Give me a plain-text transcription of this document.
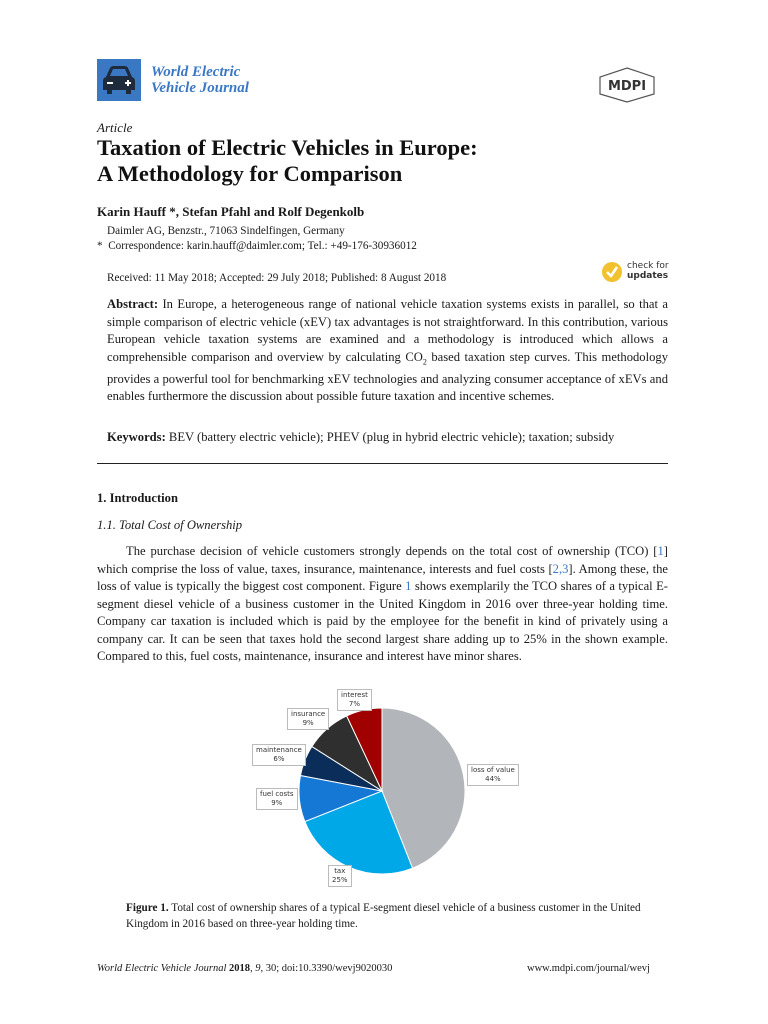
World Electric
Vehicle Journal	MDPI
Article
Taxation of Electric Vehicles in Europe:
A Methodology for Comparison
Karin Hauff *, Stefan Pfahl and Rolf Degenkolb
Daimler AG, Benzstr., 71063 Sindelfingen, Germany
* Correspondence: karin.hauff@daimler.com; Tel.: +49-176-30936012
Received: 11 May 2018; Accepted: 29 July 2018; Published: 8 August 2018
check for
updates
Abstract: In Europe, a heterogeneous range of national vehicle taxation systems exists in parallel, so that a simple comparison of electric vehicle (xEV) tax advantages is not straightforward. In this contribution, various European vehicle taxation systems are examined and a methodology is introduced which allows a comprehensible comparison and overview by calculating $CO_2$ based taxation step curves. This methodology provides a powerful tool for benchmarking xEV technologies and analyzing consumer acceptance of xEVs and enables furthermore the discussion about possible future taxation and incentive schemes.
Keywords: BEV (battery electric vehicle); PHEV (plug in hybrid electric vehicle); taxation; subsidy
1. Introduction
1.1. Total Cost of Ownership
The purchase decision of vehicle customers strongly depends on the total cost of ownership (TCO) [1] which comprise the loss of value, taxes, insurance, maintenance, interests and fuel costs [2,3]. Among these, the loss of value is typically the biggest cost component. Figure 1 shows exemplarily the TCO shares of a typical E-segment diesel vehicle of a business customer in the United Kingdom in 2016 over three-year holding time. Company car taxation is included which is paid by the employee for the benefit in kind of privately using a company car. It can be seen that taxes hold the second largest share adding up to 25% in the shown example. Compared to this, fuel costs, maintenance, insurance and interest have minor shares.
interest
7%
insurance
9%
maintenance
6%
fuel costs
9%
loss of value
44%
tax
25%
Figure 1. Total cost of ownership shares of a typical E-segment diesel vehicle of a business customer in the United Kingdom in 2016 based on three-year holding time.
World Electric Vehicle Journal 2018, 9, 30; doi:10.3390/wevj9020030	www.mdpi.com/journal/wevj
